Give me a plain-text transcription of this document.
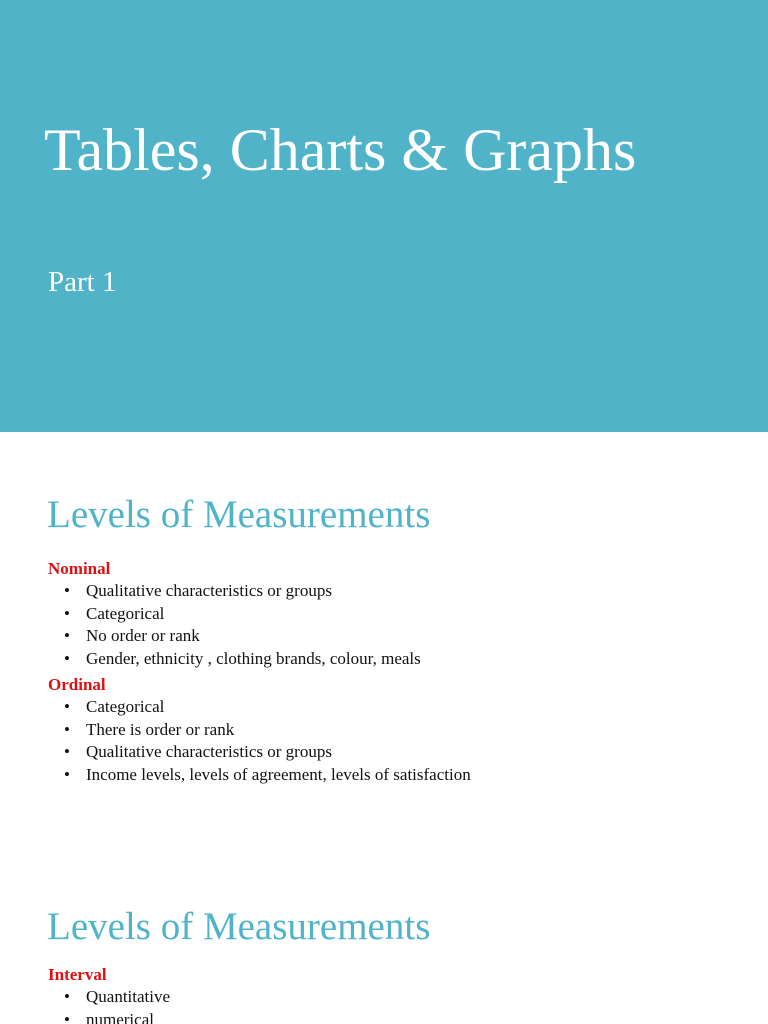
Tables, Charts & Graphs

Part 1

Levels of Measurements
Nominal
• Qualitative characteristics or groups
• Categorical
• No order or rank
• Gender, ethnicity , clothing brands, colour, meals
Ordinal
• Categorical
• There is order or rank
• Qualitative characteristics or groups
• Income levels, levels of agreement, levels of satisfaction
Levels of Measurements
Interval
• Quantitative
• numerical
